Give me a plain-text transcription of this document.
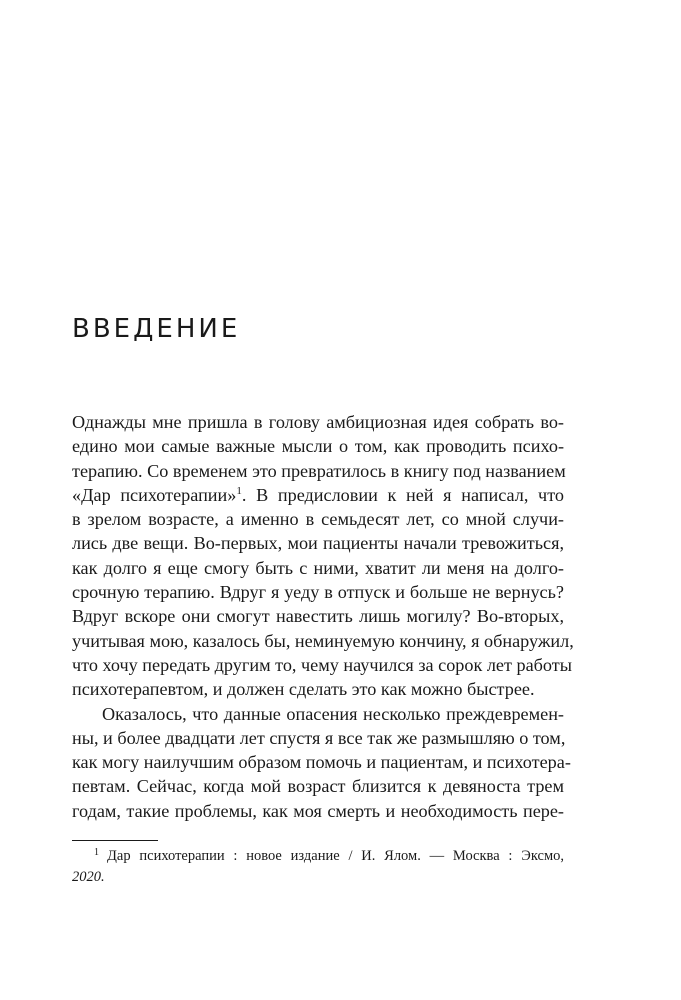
ВВЕДЕНИЕ
Однажды мне пришла в голову амбициозная идея собрать во-
едино мои самые важные мысли о том, как проводить психо-
терапию. Со временем это превратилось в книгу под названием
«Дар психотерапии»$^1$. В предисловии к ней я написал, что
в зрелом возрасте, а именно в семьдесят лет, со мной случи-
лись две вещи. Во-первых, мои пациенты начали тревожиться,
как долго я еще смогу быть с ними, хватит ли меня на долго-
срочную терапию. Вдруг я уеду в отпуск и больше не вернусь?
Вдруг вскоре они смогут навестить лишь могилу? Во-вторых,
учитывая мою, казалось бы, неминуемую кончину, я обнаружил,
что хочу передать другим то, чему научился за сорок лет работы
психотерапевтом, и должен сделать это как можно быстрее.
Оказалось, что данные опасения несколько преждевремен-
ны, и более двадцати лет спустя я все так же размышляю о том,
как могу наилучшим образом помочь и пациентам, и психотера-
певтам. Сейчас, когда мой возраст близится к девяноста трем
годам, такие проблемы, как моя смерть и необходимость пере-
$^1$ Дар психотерапии : новое издание / И. Ялом. — Москва : Эксмо,
2020.
